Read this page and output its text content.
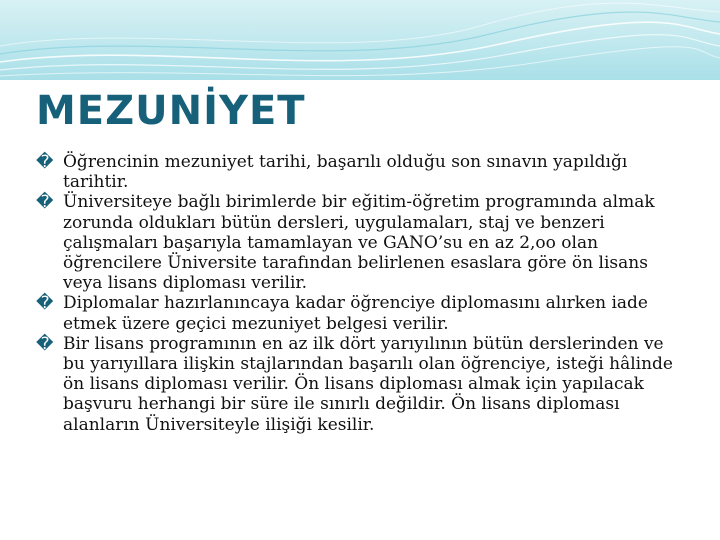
MEZUNİYET

� Öğrencinin mezuniyet tarihi, başarılı olduğu son sınavın yapıldığı tarihtir.

� Üniversiteye bağlı birimlerde bir eğitim-öğretim programında almak zorunda oldukları bütün dersleri, uygulamaları, staj ve benzeri çalışmaları başarıyla tamamlayan ve GANO’su en az 2,oo olan öğrencilere Üniversite tarafından belirlenen esaslara göre ön lisans veya lisans diploması verilir.

� Diplomalar hazırlanıncaya kadar öğrenciye diplomasını alırken iade etmek üzere geçici mezuniyet belgesi verilir.

� Bir lisans programının en az ilk dört yarıyılının bütün derslerinden ve bu yarıyıllara ilişkin stajlarından başarılı olan öğrenciye, isteği hâlinde ön lisans diploması verilir. Ön lisans diploması almak için yapılacak başvuru herhangi bir süre ile sınırlı değildir. Ön lisans diploması alanların Üniversiteyle ilişiği kesilir.
